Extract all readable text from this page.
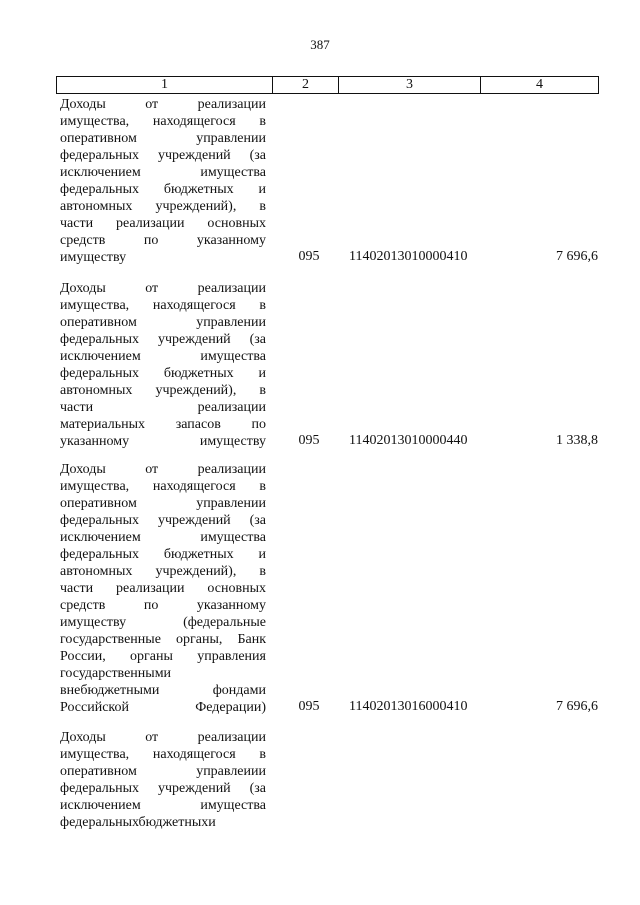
387
1	2	3	4
Доходы	от	реализации
имущества, находящегося в
оперативном	управлении
федеральных учреждений (за
исключением	имущества
федеральных бюджетных и
автономных учреждений), в
части реализации основных
средств	по	указанному
имуществу	095	11402013010000410	7 696,6
Доходы	от	реализации
имущества, находящегося в
оперативном	управлении
федеральных учреждений (за
исключением	имущества
федеральных бюджетных и
автономных учреждений), в
части	реализации
материальных запасов по
указанному имуществу	095	11402013010000440	1 338,8
Доходы	от	реализации
имущества, находящегося в
оперативном	управлении
федеральных учреждений (за
исключением	имущества
федеральных бюджетных и
автономных учреждений), в
части реализации основных
средств	по	указанному
имуществу	(федеральные
государственные органы, Банк
России, органы управления
государственными
внебюджетными	фондами
Российской Федерации)	095	11402013016000410	7 696,6
Доходы	от	реализации
имущества, находящегося в
оперативном	управлеиии
федеральных учреждений (за
исключением	имущества
федеральныхбюджетныхи
